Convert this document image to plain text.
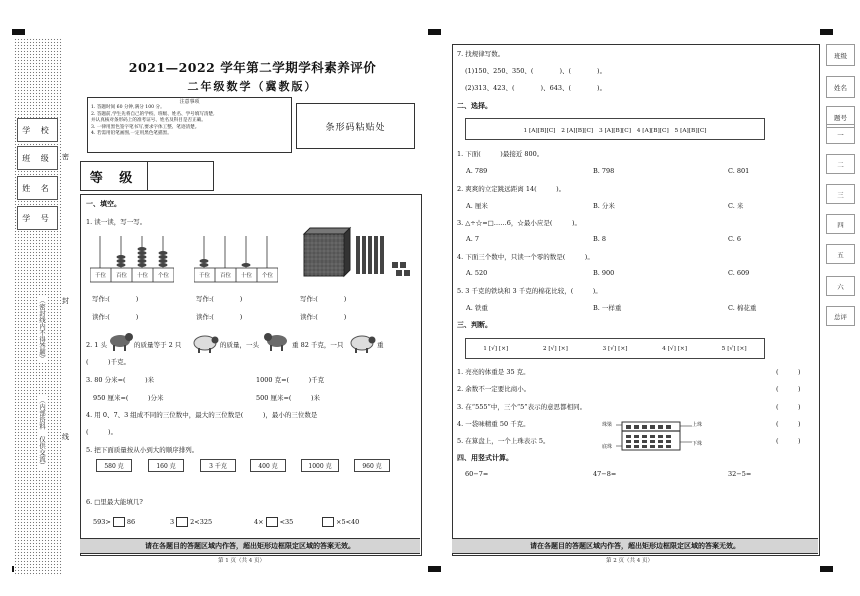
学 校
班 级
姓 名
学 号
（密封线内不得答题）
（内部资料　仅供交流）
密
封
线
2021—2022 学年第二学期学科素养评价
二年级数学（冀教版）
注意事项
1. 答题时间 60 分钟,满分 100 分。
2. 答题前,学生先将自己的学校、班级、姓名、学号填写清楚,
并认真核对条形码上的准考证号、姓名及科目是否正确。
3. 一律用黑色签字笔书写,要求字体工整、笔迹清楚。
4. 若需用铅笔画图,一定用黑色笔描黑。
条形码粘贴处
等 级
一、填空。
1. 读一读，写一写。
千位	百位	十位	个位	千位	百位	十位	个位
写作:(　　　　)	写作:(　　　　)	写作:(　　　　)
读作:(　　　　)	读作:(　　　　)	读作:(　　　　)
2. 1 头	的质量等于 2 只	的质量，一头	重 82 千克，一只	重
(　　　)千克。
3. 80 分米=(　　　)米	1000 克=(　　　)千克
950 厘米=(　　　)分米	500 厘米=(　　　)米
4. 用 0、7、3 组成不同的三位数中，最大的三位数是(　　　)，最小的三位数是
(　　　)。
5. 把下面质量按从小到大的顺序排列。
580 克	160 克	3 千克	400 克	1000 克	960 克
6. □里最大能填几?
593> 86	3 2<325	4× <35	×5<40
请在各题目的答题区域内作答，超出矩形边框限定区域的答案无效。
第 1 页（共 4 页）
7. 找规律写数。
(1)150、250、350、(　　　　)、(　　　　)。
(2)313、423、(　　　　)、643、(　　　　)。
二、选择。
1 [A][B][C]　2 [A][B][C]　3 [A][B][C]　4 [A][B][C]　5 [A][B][C]
1. 下面(　　　)最接近 800。
A. 789	B. 798	C. 801
2. 爽爽的立定跳远距离 14(　　　)。
A. 厘米	B. 分米	C. 米
3. △÷☆=□……6，☆最小应是(　　　)。
A. 7	B. 8	C. 6
4. 下面三个数中，只读一个零的数是(　　　)。
A. 520	B. 900	C. 609
5. 3 千克的铁块和 3 千克的棉花比较，(　　　)。
A. 铁重	B. 一样重	C. 棉花重
三、判断。
1 [√] [×]	2 [√] [×]	3 [√] [×]	4 [√] [×]	5 [√] [×]
1. 亮亮的体重是 35 克。	(　　　)
2. 余数不一定要比商小。	(　　　)
3. 在“555”中，三个“5”表示的意思都相同。	(　　　)
4. 一袋味精重 50 千克。	(　　　)
5. 在算盘上，一个上珠表示 5。	(　　　)
珠梁
底珠
上珠
下珠
四、用竖式计算。
60−7=	47−8=	32−5=
请在各题目的答题区域内作答，超出矩形边框限定区域的答案无效。
第 2 页（共 4 页）
班级
姓名
题号
一
二
三
四
五
六
总评
